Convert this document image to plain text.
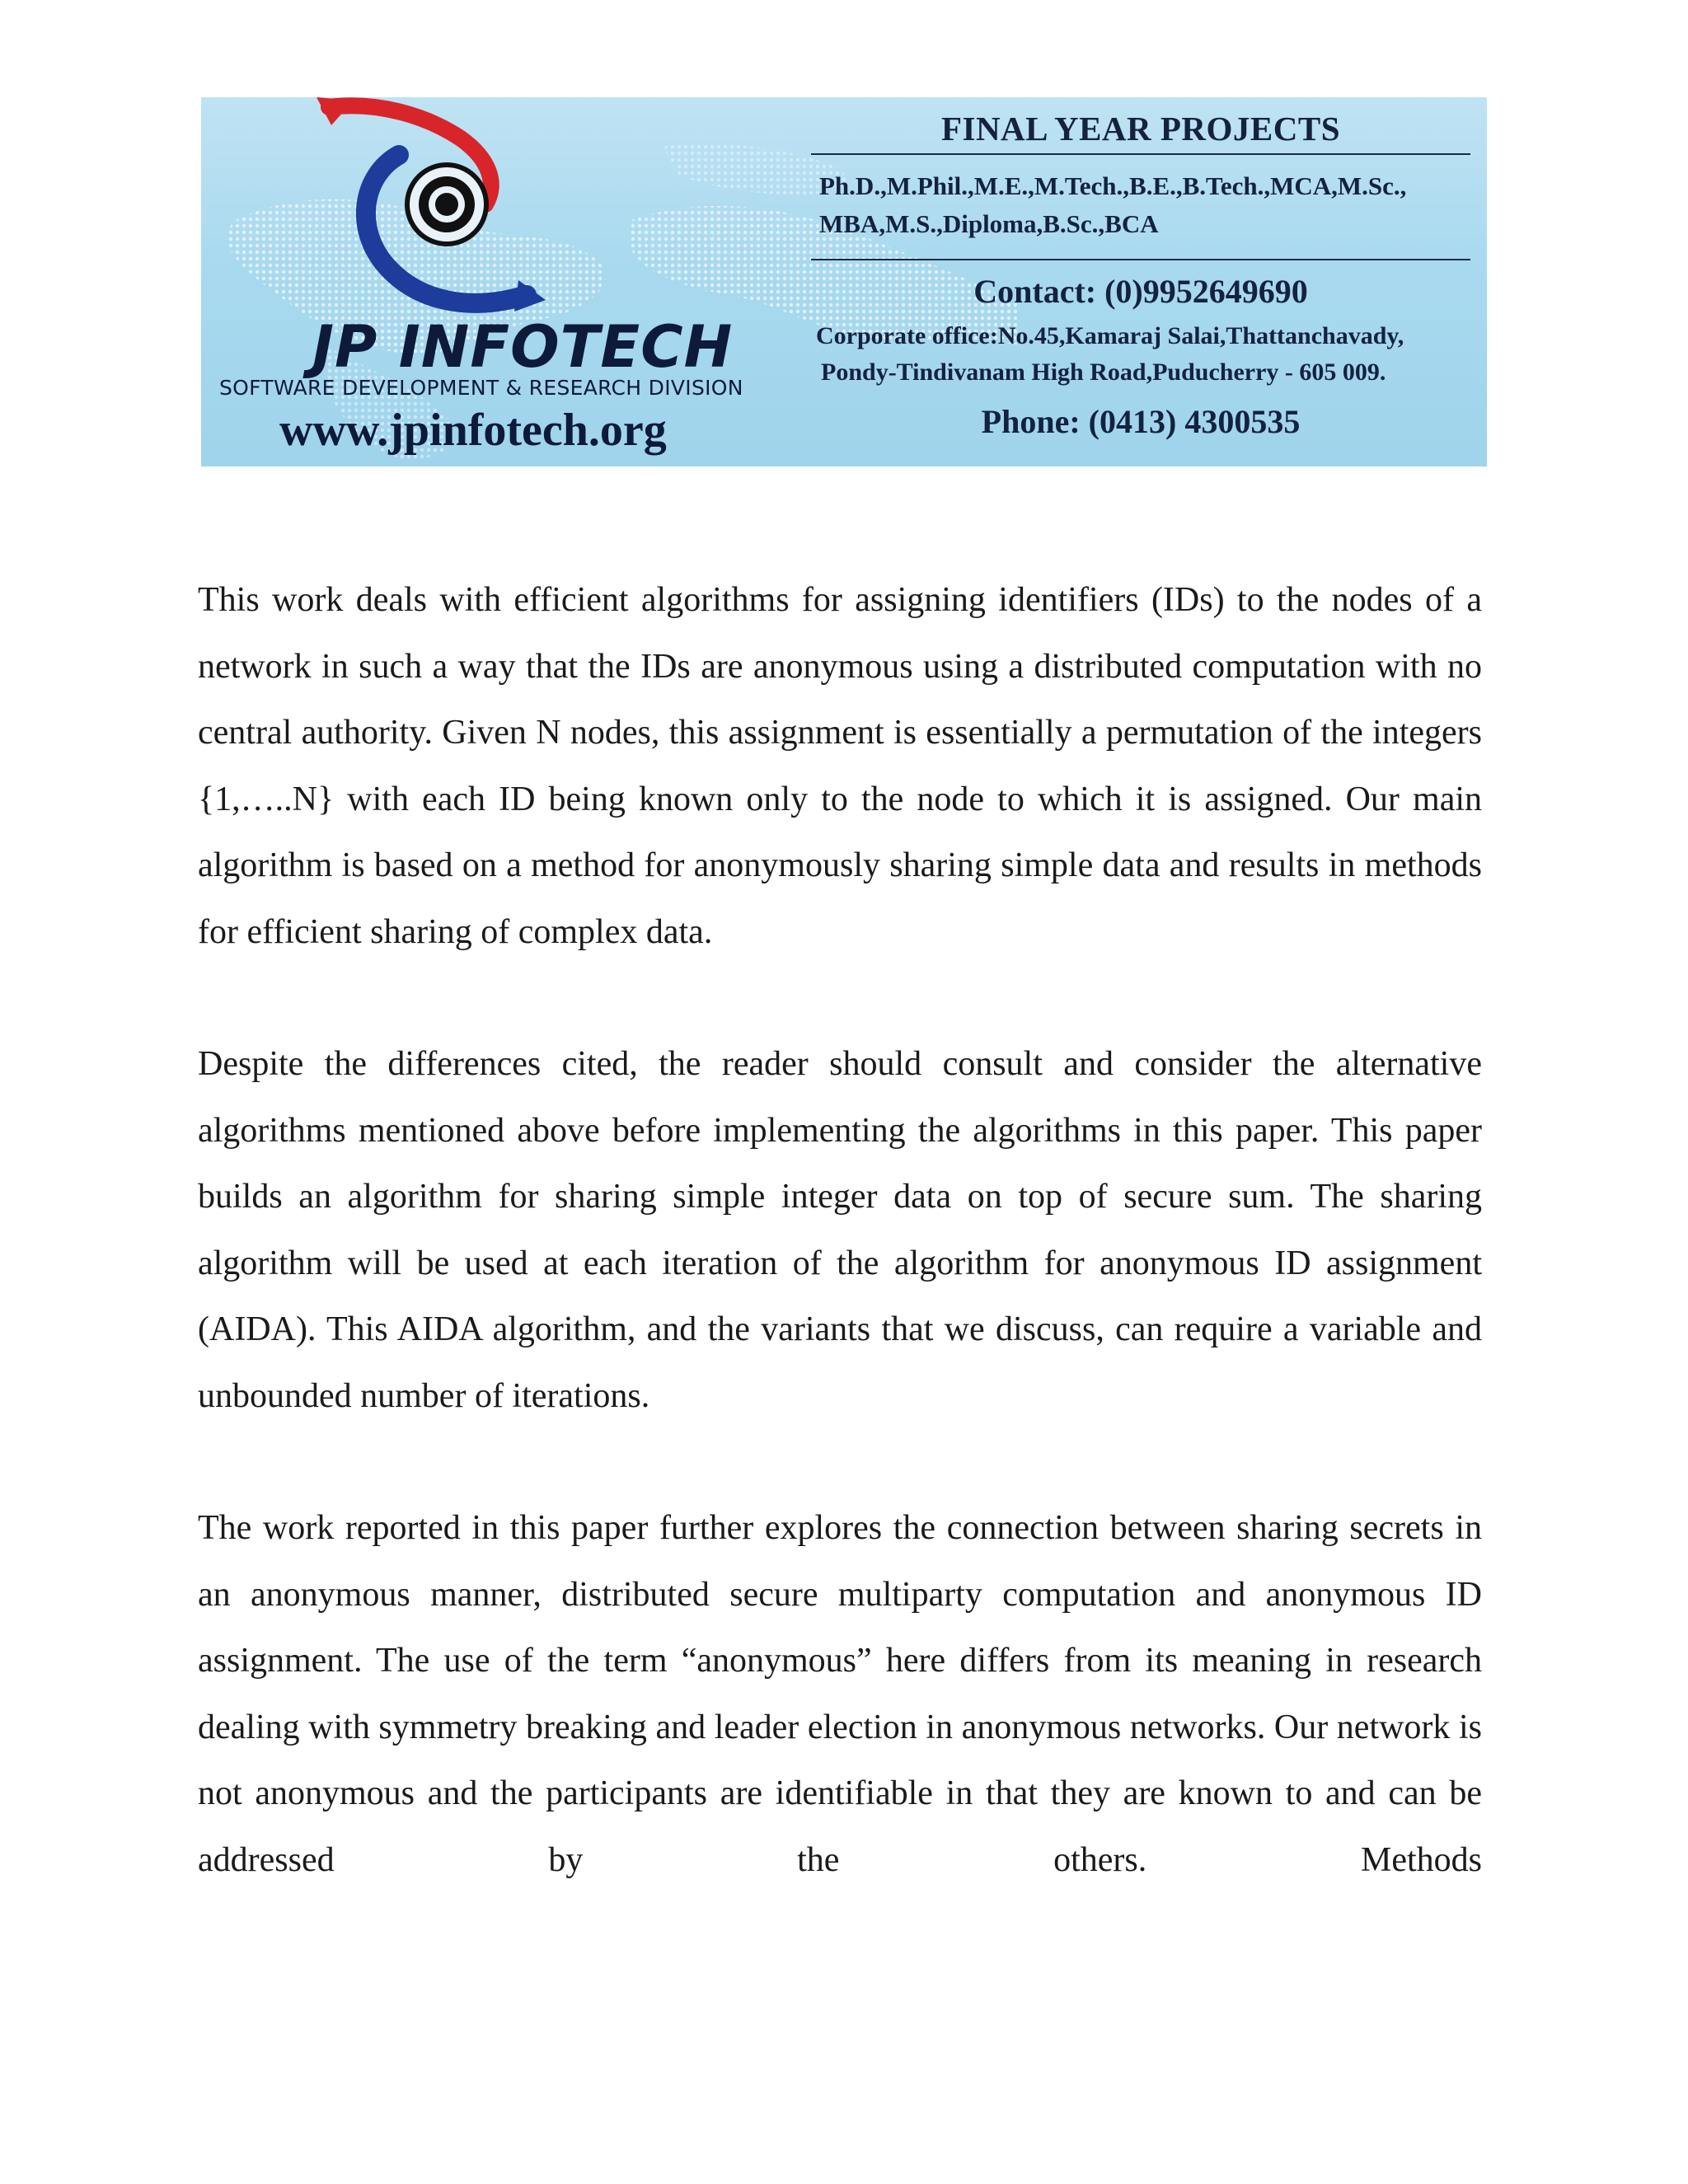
JP INFOTECH
SOFTWARE DEVELOPMENT & RESEARCH DIVISION
www.jpinfotech.org
FINAL YEAR PROJECTS
Ph.D.,M.Phil.,M.E.,M.Tech.,B.E.,B.Tech.,MCA,M.Sc.,
MBA,M.S.,Diploma,B.Sc.,BCA
Contact: (0)9952649690
Corporate office:No.45,Kamaraj Salai,Thattanchavady,
Pondy-Tindivanam High Road,Puducherry - 605 009.
Phone: (0413) 4300535

This work deals with efficient algorithms for assigning identifiers (IDs) to the nodes of a network in such a way that the IDs are anonymous using a distributed computation with no central authority. Given N nodes, this assignment is essentially a permutation of the integers {1,…..N} with each ID being known only to the node to which it is assigned. Our main algorithm is based on a method for anonymously sharing simple data and results in methods for efficient sharing of complex data.

Despite the differences cited, the reader should consult and consider the alternative algorithms mentioned above before implementing the algorithms in this paper. This paper builds an algorithm for sharing simple integer data on top of secure sum. The sharing algorithm will be used at each iteration of the algorithm for anonymous ID assignment (AIDA). This AIDA algorithm, and the variants that we discuss, can require a variable and unbounded number of iterations.

The work reported in this paper further explores the connection between sharing secrets in an anonymous manner, distributed secure multiparty computation and anonymous ID assignment. The use of the term “anonymous” here differs from its meaning in research dealing with symmetry breaking and leader election in anonymous networks. Our network is not anonymous and the participants are identifiable in that they are known to and can be addressed by the others. Methods
